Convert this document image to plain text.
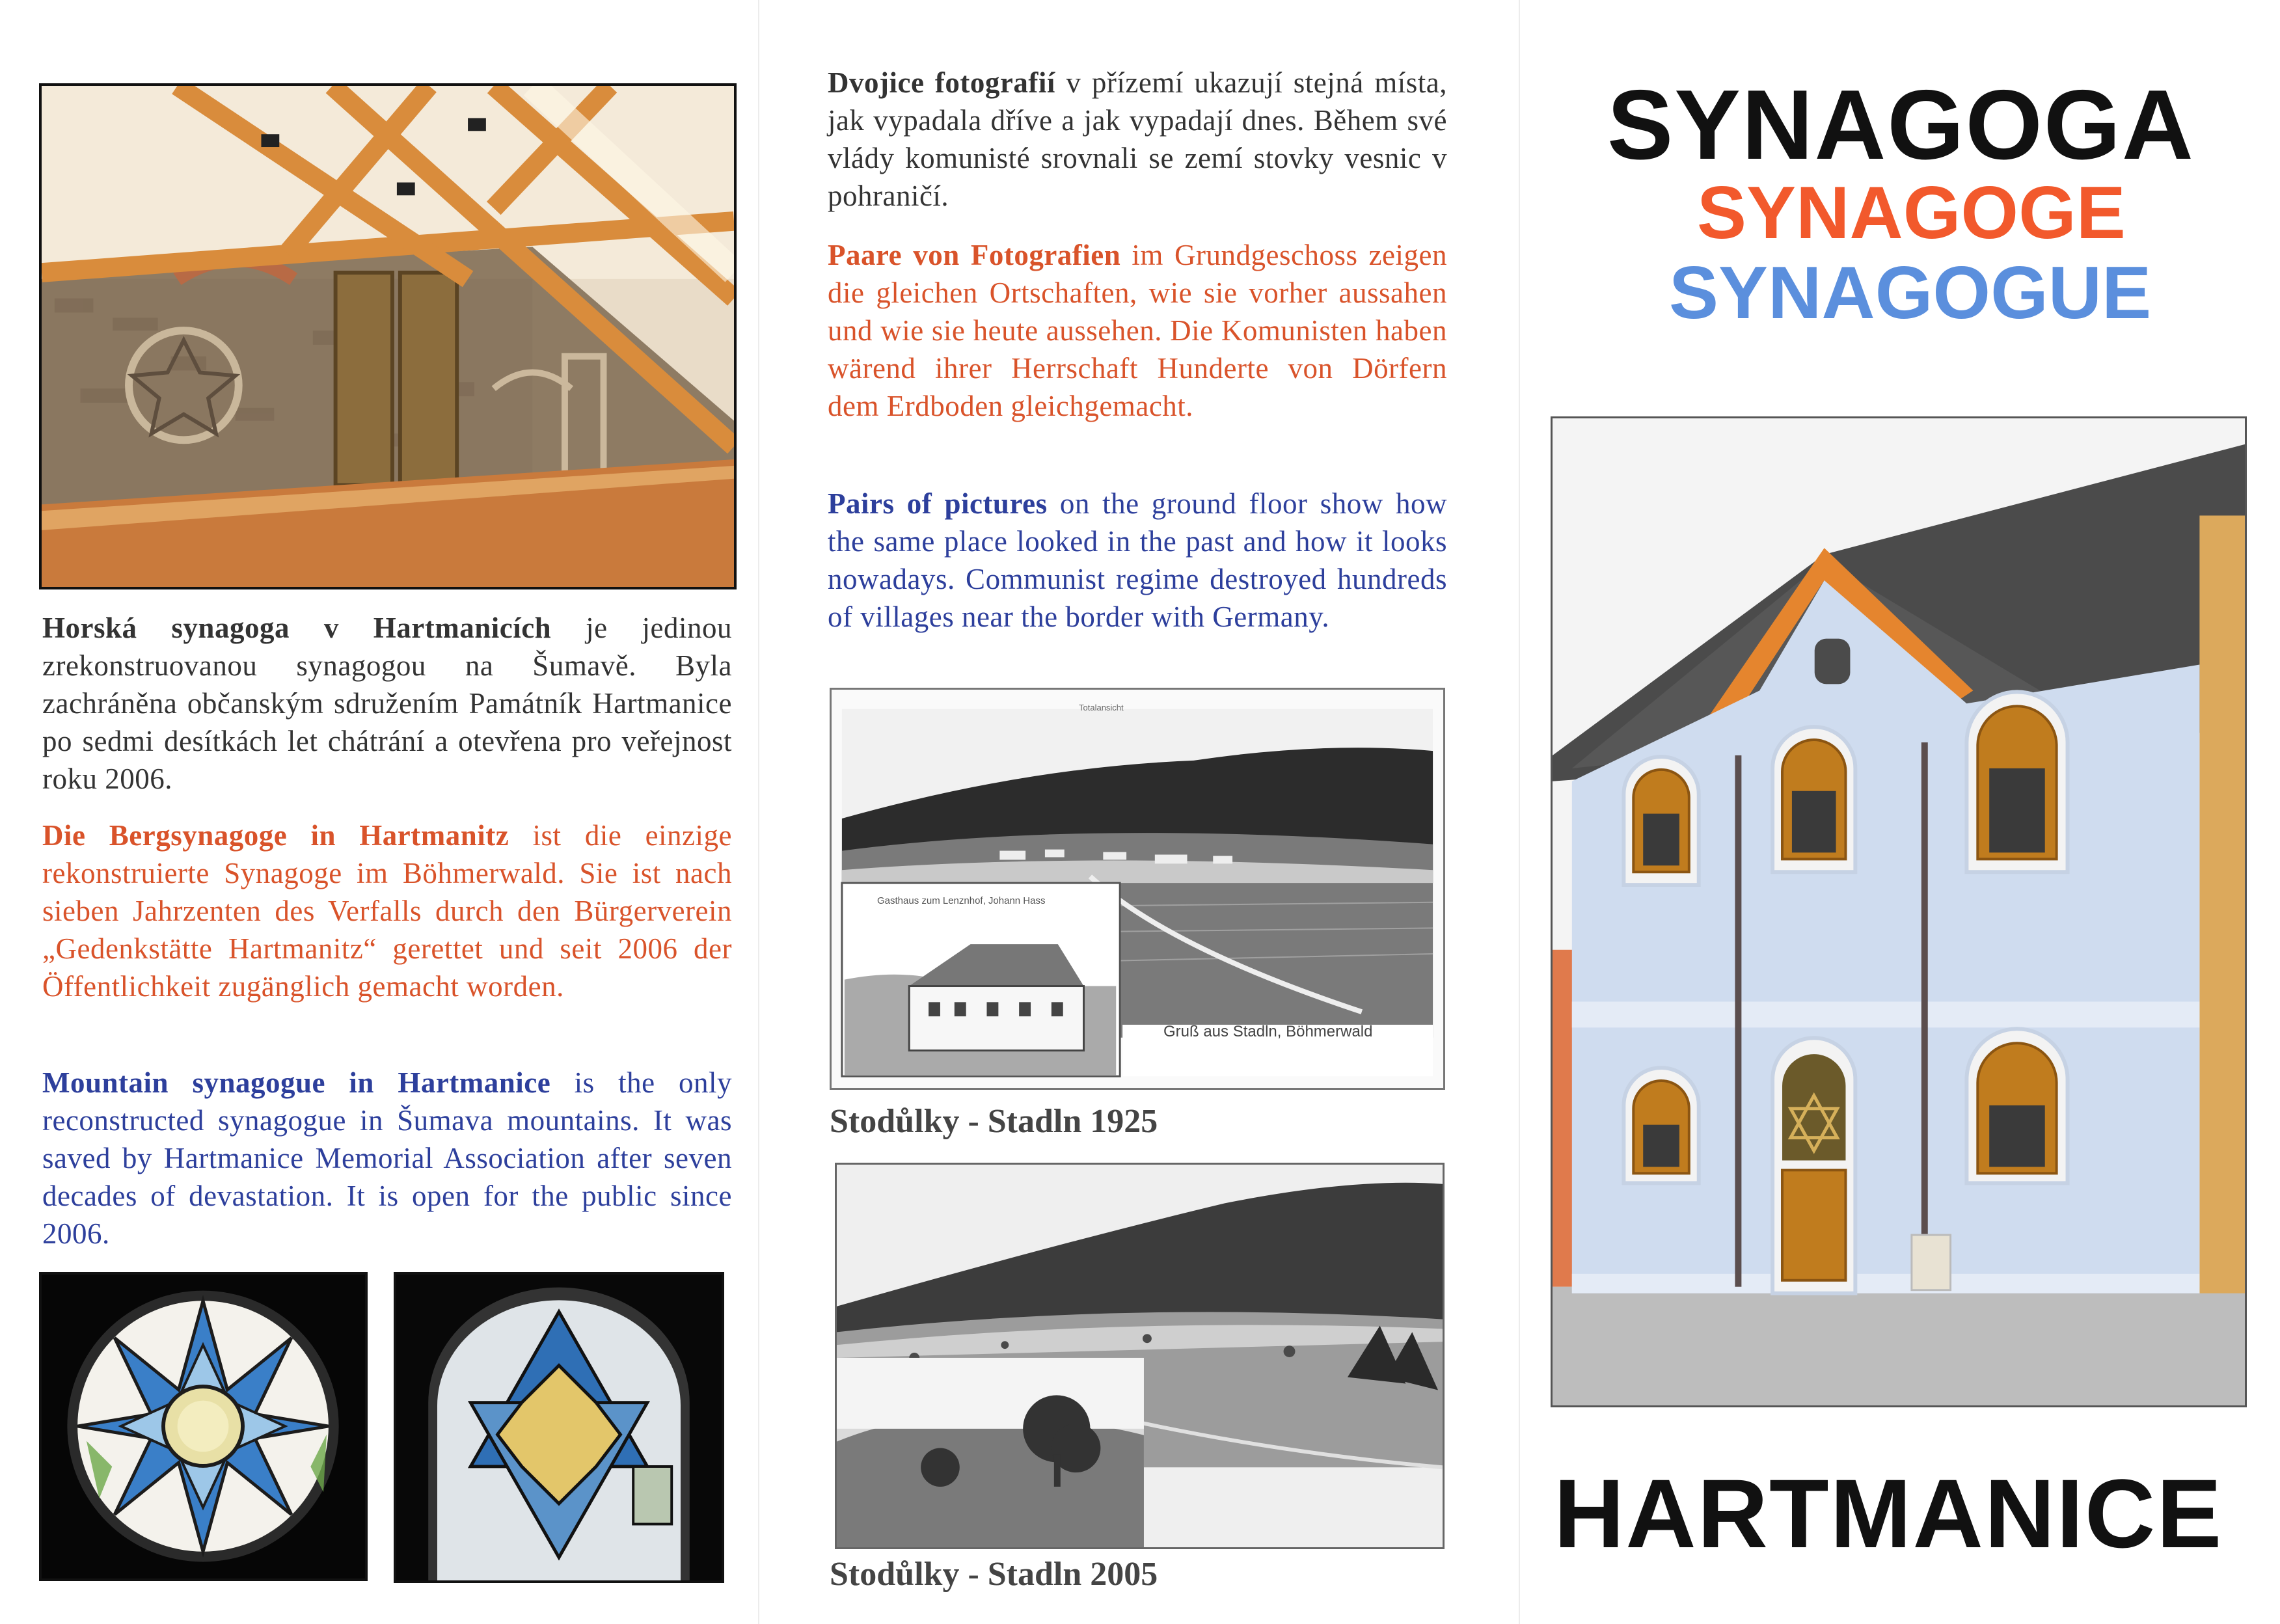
Horská synagoga v Hartmanicích je jedinou zrekonstruovanou synagogou na Šumavě. Byla zachráněna občanským sdružením Památník Hartmanice po sedmi desítkách let chátrání a otevřena pro veřejnost roku 2006.
Die Bergsynagoge in Hartmanitz ist die einzige rekonstruierte Synagoge im Böhmerwald. Sie ist nach sieben Jahrzenten des Verfalls durch den Bürgerverein „Gedenkstätte Hartmanitz“ gerettet und seit 2006 der Öffentlichkeit zugänglich gemacht worden.
Mountain synagogue in Hartmanice is the only reconstructed synagogue in Šumava mountains. It was saved by Hartmanice Memorial Association after seven decades of devastation. It is open for the public since 2006.
Dvojice fotografií v přízemí ukazují stejná místa, jak vypadala dříve a jak vypadají dnes. Během své vlády komunisté srovnali se zemí stovky vesnic v pohraničí.
Paare von Fotografien im Grundgeschoss zeigen die gleichen Ortschaften, wie sie vorher aussahen und wie sie heute aussehen. Die Komunisten haben wärend ihrer Herrschaft Hunderte von Dörfern dem Erdboden gleichgemacht.
Pairs of pictures on the ground floor show how the same place looked in the past and how it looks nowadays. Communist regime destroyed hundreds of villages near the border with Germany.
Totalansicht
Gasthaus zum Lenznhof, Johann Hass
Gruß aus Stadln, Böhmerwald
Stodůlky - Stadln 1925
Stodůlky - Stadln 2005
SYNAGOGA
SYNAGOGE
SYNAGOGUE
HARTMANICE
